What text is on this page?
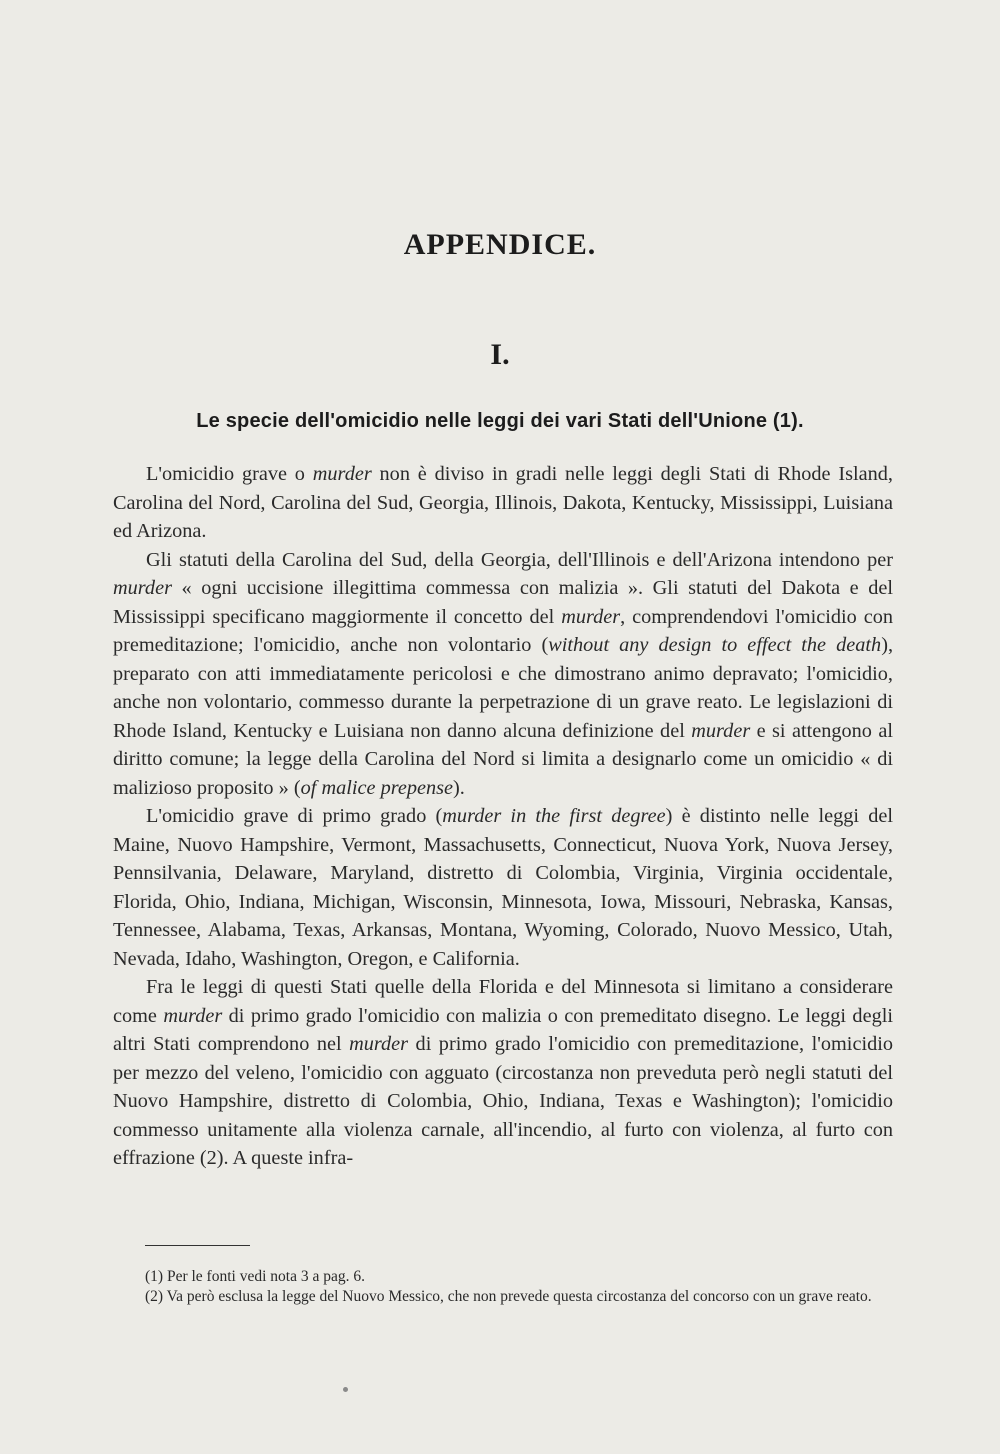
APPENDICE.
I.
Le specie dell'omicidio nelle leggi dei vari Stati dell'Unione (1).

L'omicidio grave o murder non è diviso in gradi nelle leggi degli Stati di Rhode Island, Carolina del Nord, Carolina del Sud, Georgia, Illinois, Dakota, Kentucky, Mississippi, Luisiana ed Arizona.

Gli statuti della Carolina del Sud, della Georgia, dell'Illinois e dell'Arizona intendono per murder « ogni uccisione illegittima commessa con malizia ». Gli statuti del Dakota e del Mississippi specificano maggiormente il concetto del murder, comprendendovi l'omicidio con premeditazione; l'omicidio, anche non volontario (without any design to effect the death), preparato con atti immediatamente pericolosi e che dimostrano animo depravato; l'omicidio, anche non volontario, commesso durante la perpetrazione di un grave reato. Le legislazioni di Rhode Island, Kentucky e Luisiana non danno alcuna definizione del murder e si attengono al diritto comune; la legge della Carolina del Nord si limita a designarlo come un omicidio « di malizioso proposito » (of malice prepense).

L'omicidio grave di primo grado (murder in the first degree) è distinto nelle leggi del Maine, Nuovo Hampshire, Vermont, Massachusetts, Connecticut, Nuova York, Nuova Jersey, Pennsilvania, Delaware, Maryland, distretto di Colombia, Virginia, Virginia occidentale, Florida, Ohio, Indiana, Michigan, Wisconsin, Minnesota, Iowa, Missouri, Nebraska, Kansas, Tennessee, Alabama, Texas, Arkansas, Montana, Wyoming, Colorado, Nuovo Messico, Utah, Nevada, Idaho, Washington, Oregon, e California.

Fra le leggi di questi Stati quelle della Florida e del Minnesota si limitano a considerare come murder di primo grado l'omicidio con malizia o con premeditato disegno. Le leggi degli altri Stati comprendono nel murder di primo grado l'omicidio con premeditazione, l'omicidio per mezzo del veleno, l'omicidio con agguato (circostanza non preveduta però negli statuti del Nuovo Hampshire, distretto di Colombia, Ohio, Indiana, Texas e Washington); l'omicidio commesso unitamente alla violenza carnale, all'incendio, al furto con violenza, al furto con effrazione (2). A queste infra-

(1) Per le fonti vedi nota 3 a pag. 6.

(2) Va però esclusa la legge del Nuovo Messico, che non prevede questa circostanza del concorso con un grave reato.
